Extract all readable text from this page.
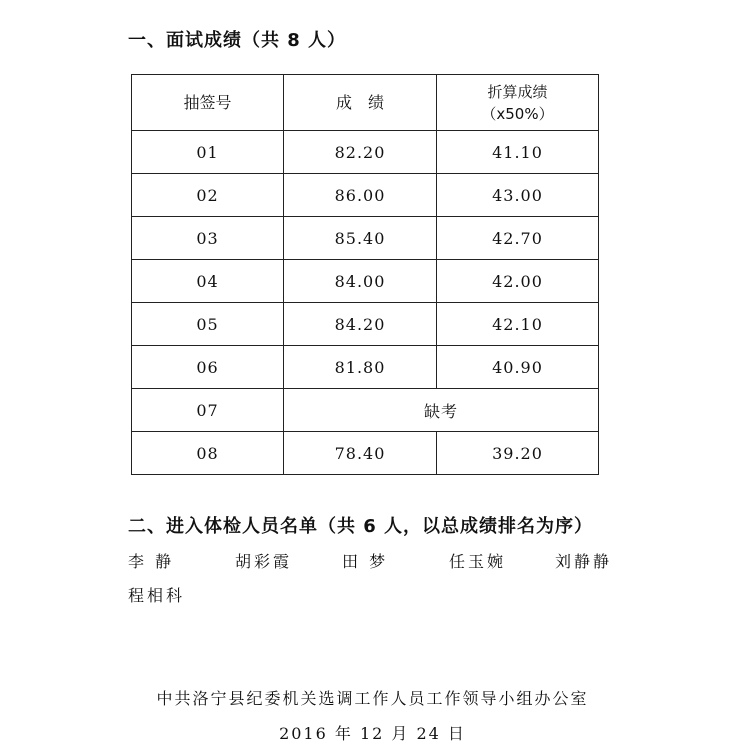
一、面试成绩（共 8 人）
抽签号	成　绩	折算成绩
（x50%）

01	82.20	41.10
02	86.00	43.00
03	85.40	42.70
04	84.00	42.00
05	84.20	42.10
06	81.80	40.90
07	缺考	
08	78.40	39.20
二、进入体检人员名单（共 6 人，以总成绩排名为序）
李 静	胡彩霞	田 梦	任玉婉	刘静静
程相科
中共洛宁县纪委机关选调工作人员工作领导小组办公室
2016 年 12 月 24 日
